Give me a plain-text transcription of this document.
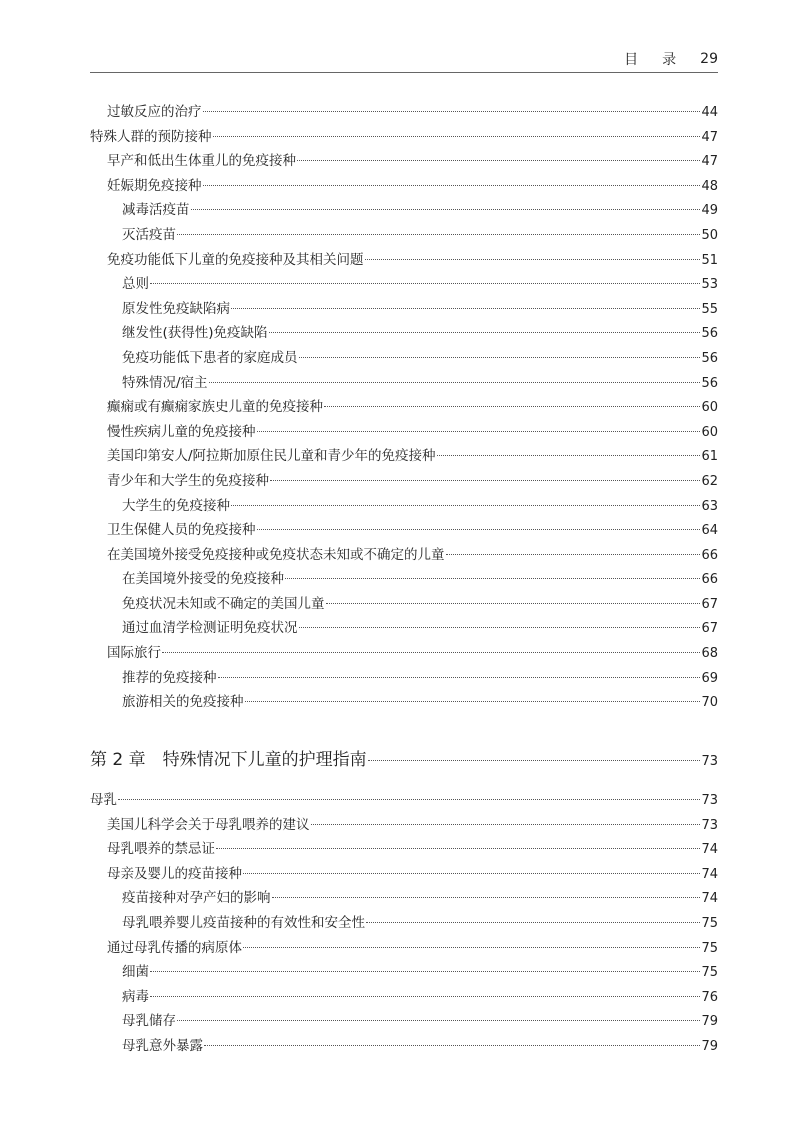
目 录 29
过敏反应的治疗	44
特殊人群的预防接种	47
早产和低出生体重儿的免疫接种	47
妊娠期免疫接种	48
减毒活疫苗	49
灭活疫苗	50
免疫功能低下儿童的免疫接种及其相关问题	51
总则	53
原发性免疫缺陷病	55
继发性(获得性)免疫缺陷	56
免疫功能低下患者的家庭成员	56
特殊情况/宿主	56
癫痫或有癫痫家族史儿童的免疫接种	60
慢性疾病儿童的免疫接种	60
美国印第安人/阿拉斯加原住民儿童和青少年的免疫接种	61
青少年和大学生的免疫接种	62
大学生的免疫接种	63
卫生保健人员的免疫接种	64
在美国境外接受免疫接种或免疫状态未知或不确定的儿童	66
在美国境外接受的免疫接种	66
免疫状况未知或不确定的美国儿童	67
通过血清学检测证明免疫状况	67
国际旅行	68
推荐的免疫接种	69
旅游相关的免疫接种	70
第 2 章　特殊情况下儿童的护理指南	73
母乳	73
美国儿科学会关于母乳喂养的建议	73
母乳喂养的禁忌证	74
母亲及婴儿的疫苗接种	74
疫苗接种对孕产妇的影响	74
母乳喂养婴儿疫苗接种的有效性和安全性	75
通过母乳传播的病原体	75
细菌	75
病毒	76
母乳储存	79
母乳意外暴露	79
